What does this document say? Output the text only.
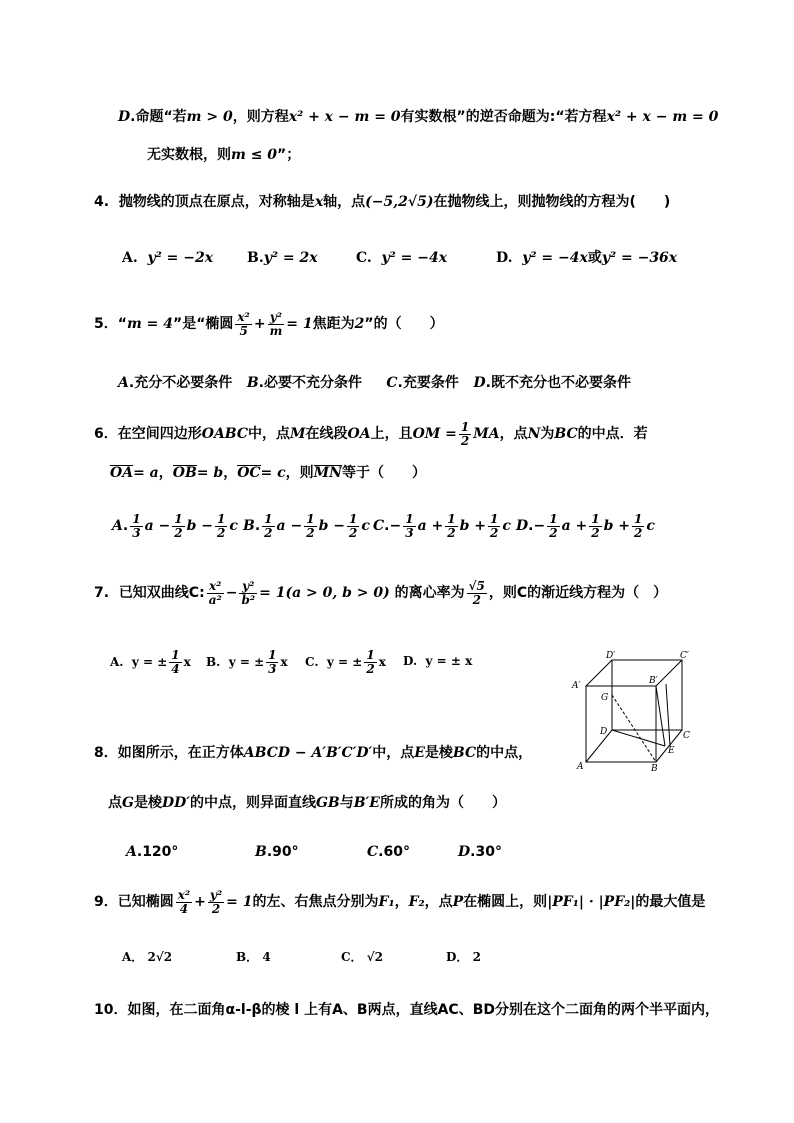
D.命题“若m > 0，则方程x² + x − m = 0有实数根”的逆否命题为:“若方程x² + x − m = 0
无实数根，则m ≤ 0”；
4. 抛物线的顶点在原点，对称轴是x轴，点(−5,2√5)在抛物线上，则抛物线的方程为(　　)
A. y² = −2x B.y² = 2x	C. y² = −4x	D. y² = −4x或y² = −36x
5．“m = 4”是“椭圆 $\frac{\text{x²}}{5} + \frac{\text{y²}}{m} = 1$焦距为2”的（　　）
A.充分不必要条件 B.必要不充分条件 C.充要条件 D.既不充分也不必要条件
6．在空间四边形OABC中，点M在线段OA上，且OM = $\frac{1}{2}$ MA，点N为BC的中点．若
OA= a，OB= b，OC= c，则MN等于（　　）
A. $\frac{1}{3}$ $a - \frac{1}{2}$ $b - \frac{1}{2}$ c B. $\frac{1}{2}$ $a - \frac{1}{2}$ $b - \frac{1}{2}$ c $C.- \frac{1}{3}$ $a + \frac{1}{2}$ $b + \frac{1}{2}$ c $D.- \frac{1}{2}$ $a + \frac{1}{2}$ $b + \frac{1}{2}$ c
7. 已知双曲线C: $\frac{\text{x²}}{\text{a²}} - \frac{\text{y²}}{\text{b²}} = 1(a > 0$, b > 0) 的离心率为 $\frac{√5}{2}$ ，则C的渐近线方程为（　）
A. y = ± $\frac{1}{4}$ x B. y = ± $\frac{1}{3}$ x C. y = ± $\frac{1}{2}$ x D. y = ± x	D′	C′
A′	B′
G
D	C
E
A	B
8．如图所示，在正方体ABCD − A′B′C′D′中，点E是棱BC的中点，
点G是棱DD′的中点，则异面直线GB与B′E所成的角为（　　）
A.120°	B.90°	C.60°	D.30°
9．已知椭圆 $\frac{\text{x²}}{4} + \frac{\text{y²}}{2} = 1$的左、右焦点分别为F₁，F₂，点P在椭圆上，则|PF₁| · |PF₂|的最大值是
A． 2√2	B． 4	C． √2	D． 2
10．如图，在二面角α-l-β的棱 l 上有A、B两点，直线AC、BD分别在这个二面角的两个半平面内，
